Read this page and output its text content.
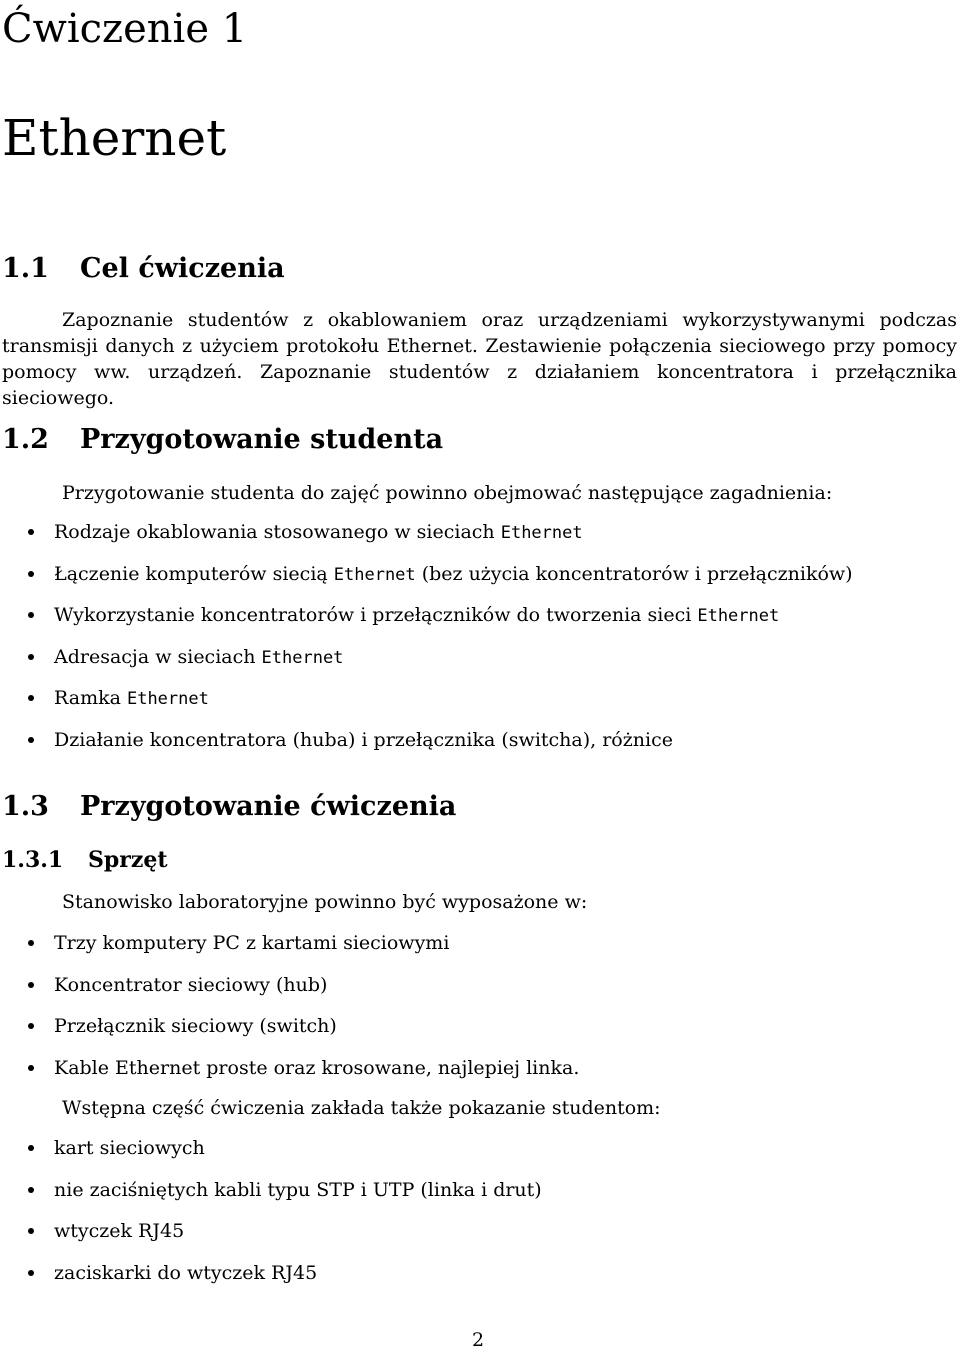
Ćwiczenie 1
Ethernet
1.1 Cel ćwiczenia
Zapoznanie studentów z okablowaniem oraz urządzeniami wykorzystywanymi podczas transmisji danych z użyciem protokołu Ethernet. Zestawienie połączenia sieciowego przy pomocy pomocy ww. urządzeń. Zapoznanie studentów z działaniem koncentratora i przełącznika sieciowego.
1.2 Przygotowanie studenta
Przygotowanie studenta do zajęć powinno obejmować następujące zagadnienia:
Rodzaje okablowania stosowanego w sieciach Ethernet
Łączenie komputerów siecią Ethernet (bez użycia koncentratorów i przełączników)
Wykorzystanie koncentratorów i przełączników do tworzenia sieci Ethernet
Adresacja w sieciach Ethernet
Ramka Ethernet
Działanie koncentratora (huba) i przełącznika (switcha), różnice
1.3 Przygotowanie ćwiczenia
1.3.1 Sprzęt
Stanowisko laboratoryjne powinno być wyposażone w:
Trzy komputery PC z kartami sieciowymi
Koncentrator sieciowy (hub)
Przełącznik sieciowy (switch)
Kable Ethernet proste oraz krosowane, najlepiej linka.
Wstępna część ćwiczenia zakłada także pokazanie studentom:
kart sieciowych
nie zaciśniętych kabli typu STP i UTP (linka i drut)
wtyczek RJ45
zaciskarki do wtyczek RJ45
2
